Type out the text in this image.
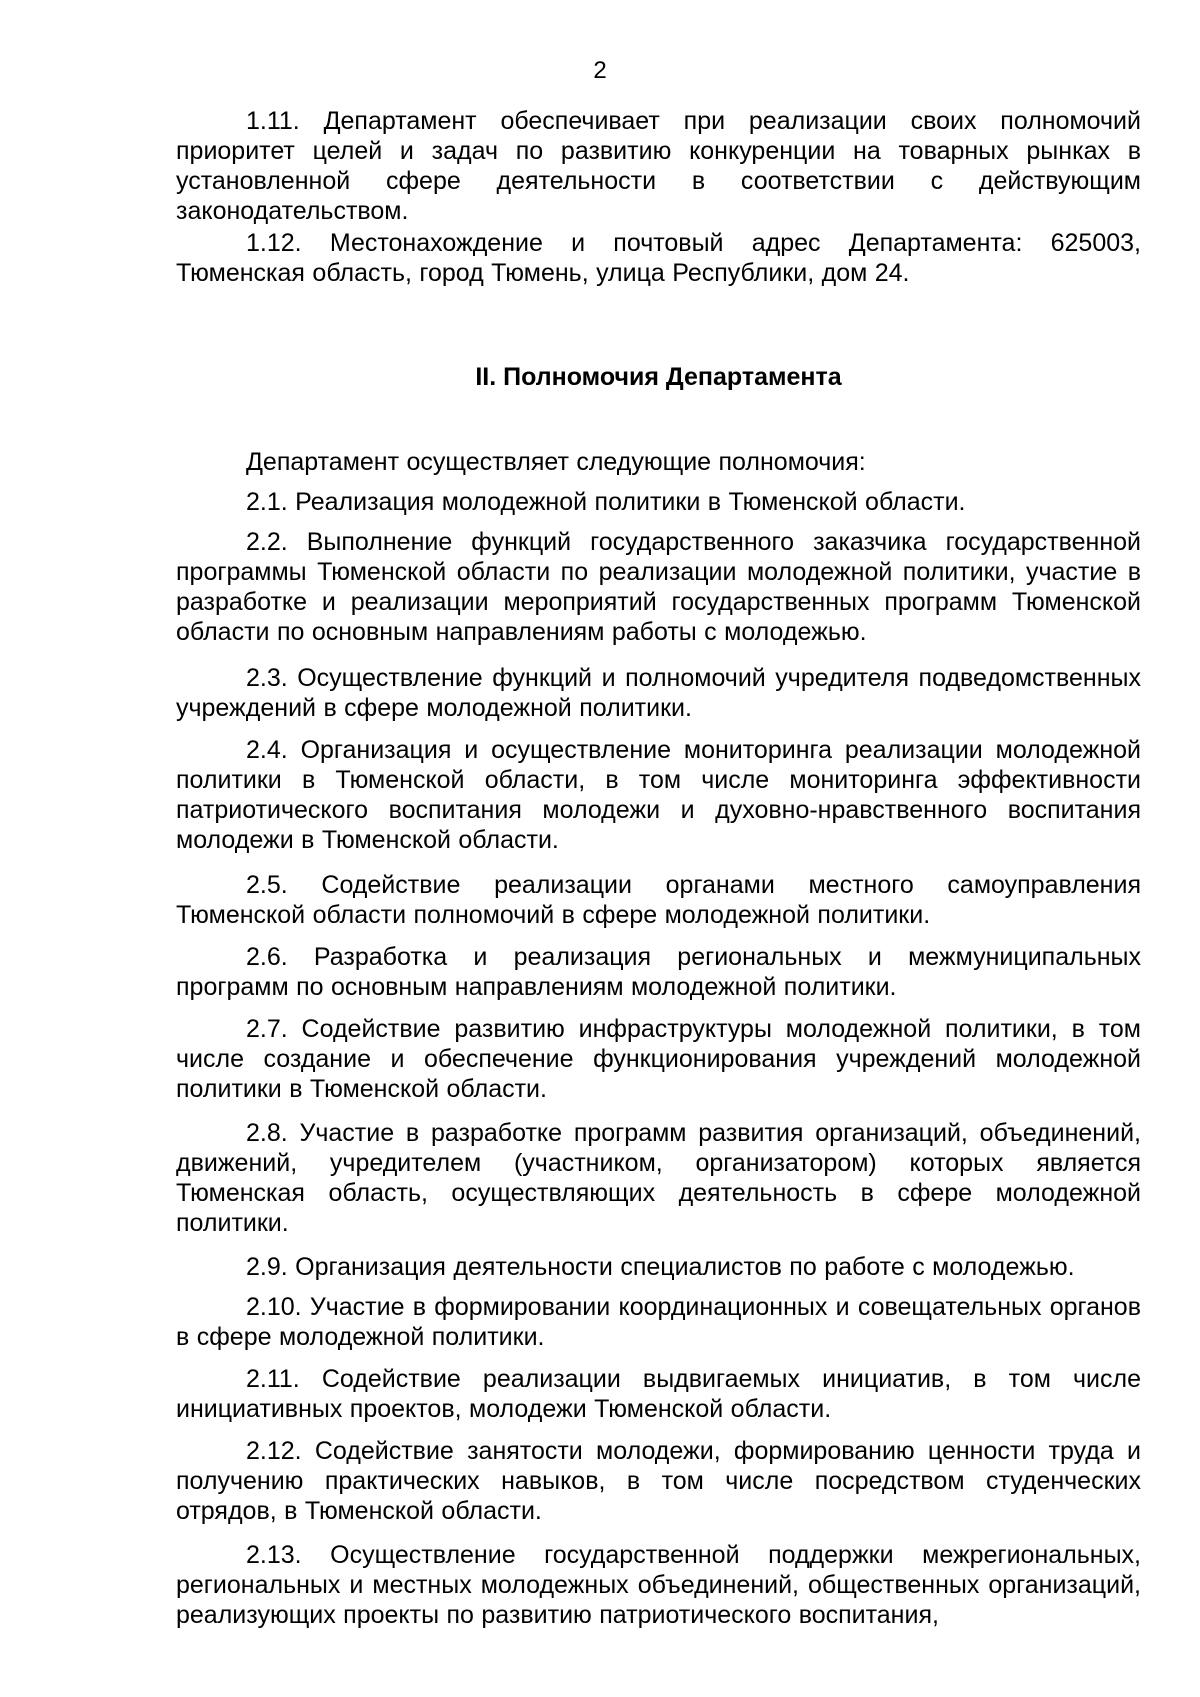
2

1.11. Департамент обеспечивает при реализации своих полномочий приоритет целей и задач по развитию конкуренции на товарных рынках в установленной сфере деятельности в соответствии с действующим законодательством.

1.12. Местонахождение и почтовый адрес Департамента: 625003, Тюменская область, город Тюмень, улица Республики, дом 24.

II. Полномочия Департамента

Департамент осуществляет следующие полномочия:

2.1. Реализация молодежной политики в Тюменской области.

2.2. Выполнение функций государственного заказчика государственной программы Тюменской области по реализации молодежной политики, участие в разработке и реализации мероприятий государственных программ Тюменской области по основным направлениям работы с молодежью.

2.3. Осуществление функций и полномочий учредителя подведомственных учреждений в сфере молодежной политики.

2.4. Организация и осуществление мониторинга реализации молодежной политики в Тюменской области, в том числе мониторинга эффективности патриотического воспитания молодежи и духовно-нравственного воспитания молодежи в Тюменской области.

2.5. Содействие реализации органами местного самоуправления Тюменской области полномочий в сфере молодежной политики.

2.6. Разработка и реализация региональных и межмуниципальных программ по основным направлениям молодежной политики.

2.7. Содействие развитию инфраструктуры молодежной политики, в том числе создание и обеспечение функционирования учреждений молодежной политики в Тюменской области.

2.8. Участие в разработке программ развития организаций, объединений, движений, учредителем (участником, организатором) которых является Тюменская область, осуществляющих деятельность в сфере молодежной политики.

2.9. Организация деятельности специалистов по работе с молодежью.

2.10. Участие в формировании координационных и совещательных органов в сфере молодежной политики.

2.11. Содействие реализации выдвигаемых инициатив, в том числе инициативных проектов, молодежи Тюменской области.

2.12. Содействие занятости молодежи, формированию ценности труда и получению практических навыков, в том числе посредством студенческих отрядов, в Тюменской области.

2.13. Осуществление государственной поддержки межрегиональных, региональных и местных молодежных объединений, общественных организаций, реализующих проекты по развитию патриотического воспитания,
